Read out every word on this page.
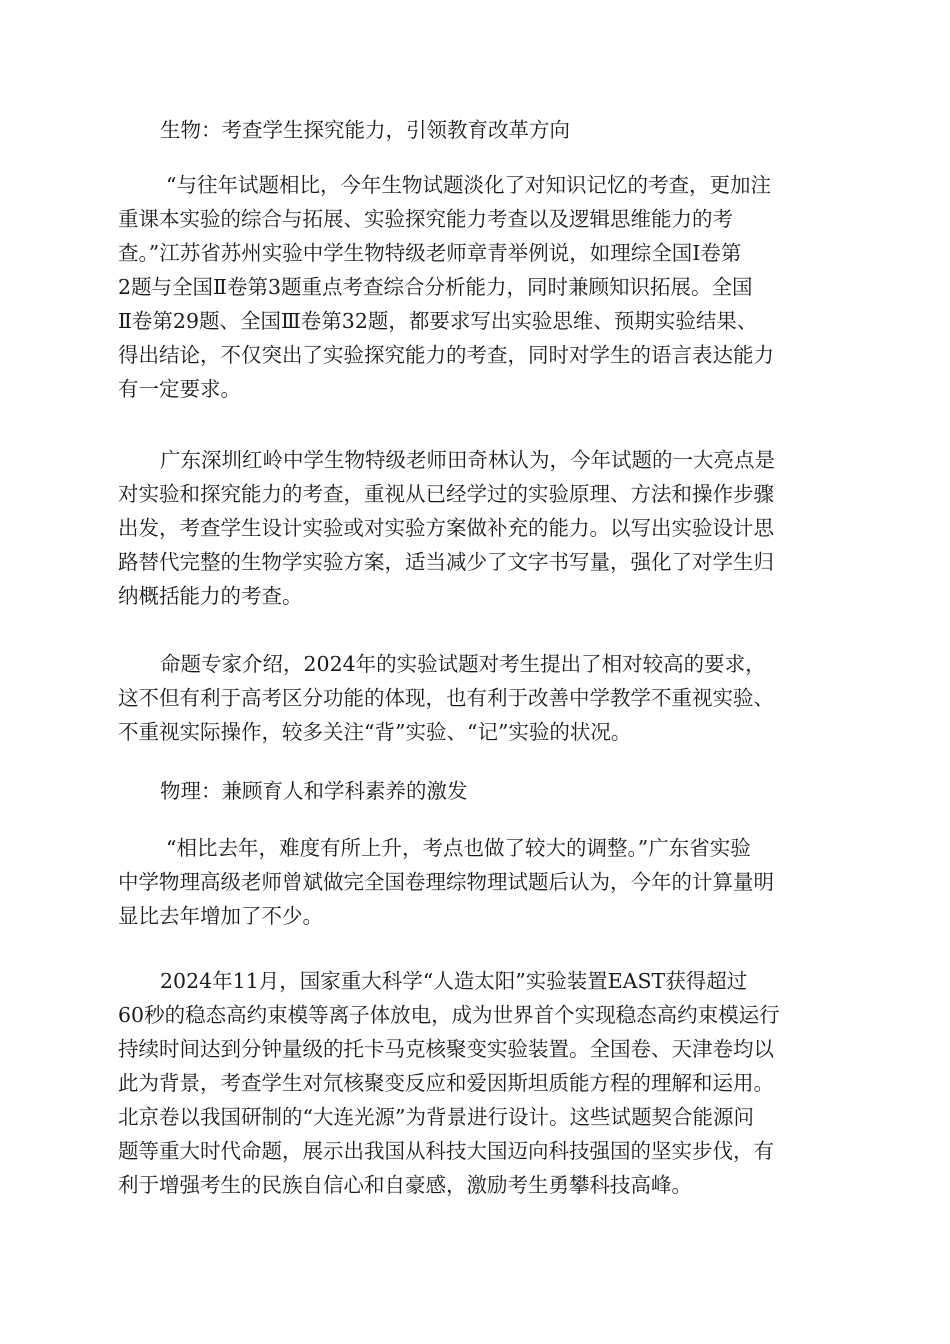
生物：考查学生探究能力，引领教育改革方向
“与往年试题相比，今年生物试题淡化了对知识记忆的考查，更加注
重课本实验的综合与拓展、实验探究能力考查以及逻辑思维能力的考
查。”江苏省苏州实验中学生物特级老师章青举例说，如理综全国Ⅰ卷第
2题与全国Ⅱ卷第3题重点考查综合分析能力，同时兼顾知识拓展。全国
Ⅱ卷第29题、全国Ⅲ卷第32题，都要求写出实验思维、预期实验结果、
得出结论，不仅突出了实验探究能力的考查，同时对学生的语言表达能力
有一定要求。
广东深圳红岭中学生物特级老师田奇林认为，今年试题的一大亮点是
对实验和探究能力的考查，重视从已经学过的实验原理、方法和操作步骤
出发，考查学生设计实验或对实验方案做补充的能力。以写出实验设计思
路替代完整的生物学实验方案，适当减少了文字书写量，强化了对学生归
纳概括能力的考查。
命题专家介绍，2024年的实验试题对考生提出了相对较高的要求，
这不但有利于高考区分功能的体现，也有利于改善中学教学不重视实验、
不重视实际操作，较多关注“背”实验、“记”实验的状况。
物理：兼顾育人和学科素养的激发
“相比去年，难度有所上升，考点也做了较大的调整。”广东省实验
中学物理高级老师曾斌做完全国卷理综物理试题后认为，今年的计算量明
显比去年增加了不少。
2024年11月，国家重大科学“人造太阳”实验装置EAST获得超过
60秒的稳态高约束模等离子体放电，成为世界首个实现稳态高约束模运行
持续时间达到分钟量级的托卡马克核聚变实验装置。全国卷、天津卷均以
此为背景，考查学生对氘核聚变反应和爱因斯坦质能方程的理解和运用。
北京卷以我国研制的“大连光源”为背景进行设计。这些试题契合能源问
题等重大时代命题，展示出我国从科技大国迈向科技强国的坚实步伐，有
利于增强考生的民族自信心和自豪感，激励考生勇攀科技高峰。
